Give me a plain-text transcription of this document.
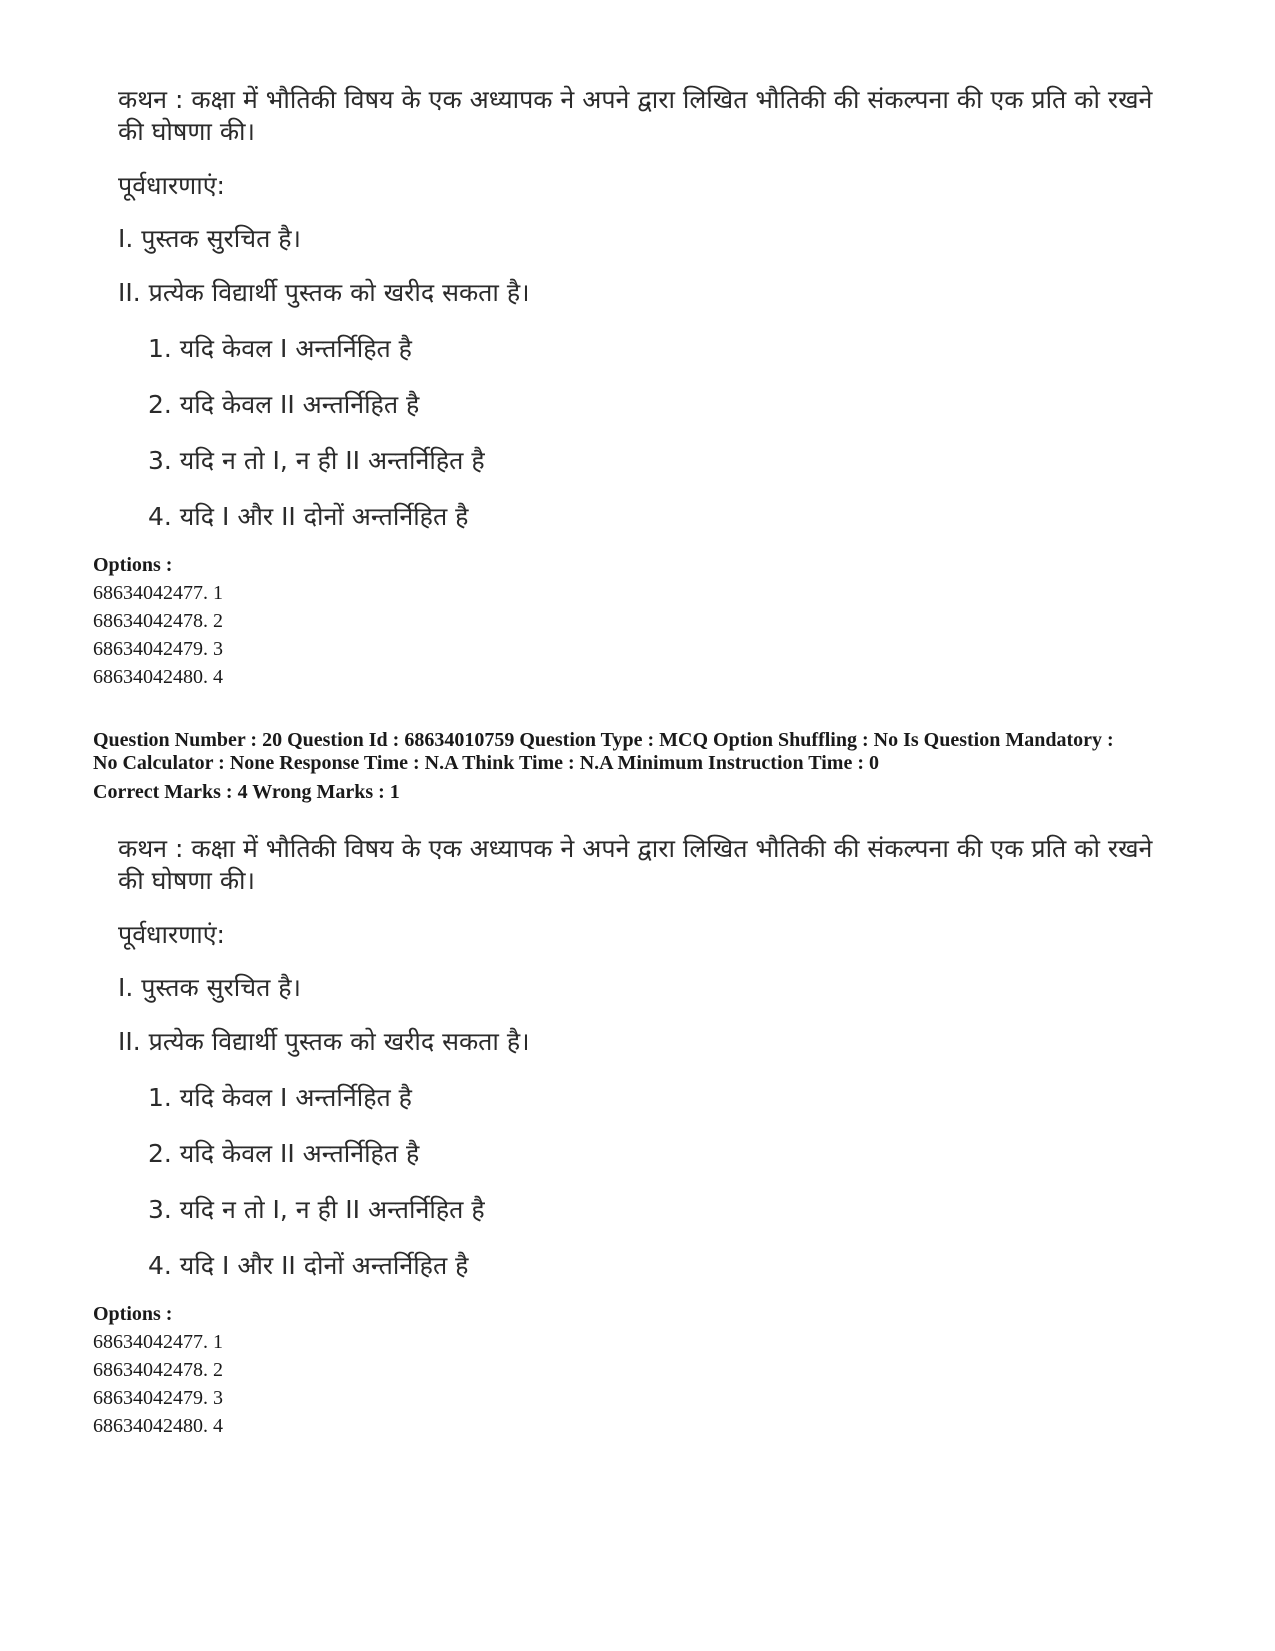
कथन : कक्षा में भौतिकी विषय के एक अध्यापक ने अपने द्वारा लिखित भौतिकी की संकल्पना की एक प्रति को रखने की घोषणा की।

पूर्वधारणाएं:

I. पुस्तक सुरचित है।

II. प्रत्येक विद्यार्थी पुस्तक को खरीद सकता है।

1. यदि केवल I अन्तर्निहित है

2. यदि केवल II अन्तर्निहित है

3. यदि न तो I, न ही II अन्तर्निहित है

4. यदि I और II दोनों अन्तर्निहित है

Options :

68634042477. 1

68634042478. 2

68634042479. 3

68634042480. 4

Question Number : 20 Question Id : 68634010759 Question Type : MCQ Option Shuffling : No Is Question Mandatory :

No Calculator : None Response Time : N.A Think Time : N.A Minimum Instruction Time : 0

Correct Marks : 4 Wrong Marks : 1

कथन : कक्षा में भौतिकी विषय के एक अध्यापक ने अपने द्वारा लिखित भौतिकी की संकल्पना की एक प्रति को रखने की घोषणा की।

पूर्वधारणाएं:

I. पुस्तक सुरचित है।

II. प्रत्येक विद्यार्थी पुस्तक को खरीद सकता है।

1. यदि केवल I अन्तर्निहित है

2. यदि केवल II अन्तर्निहित है

3. यदि न तो I, न ही II अन्तर्निहित है

4. यदि I और II दोनों अन्तर्निहित है

Options :

68634042477. 1

68634042478. 2

68634042479. 3

68634042480. 4
